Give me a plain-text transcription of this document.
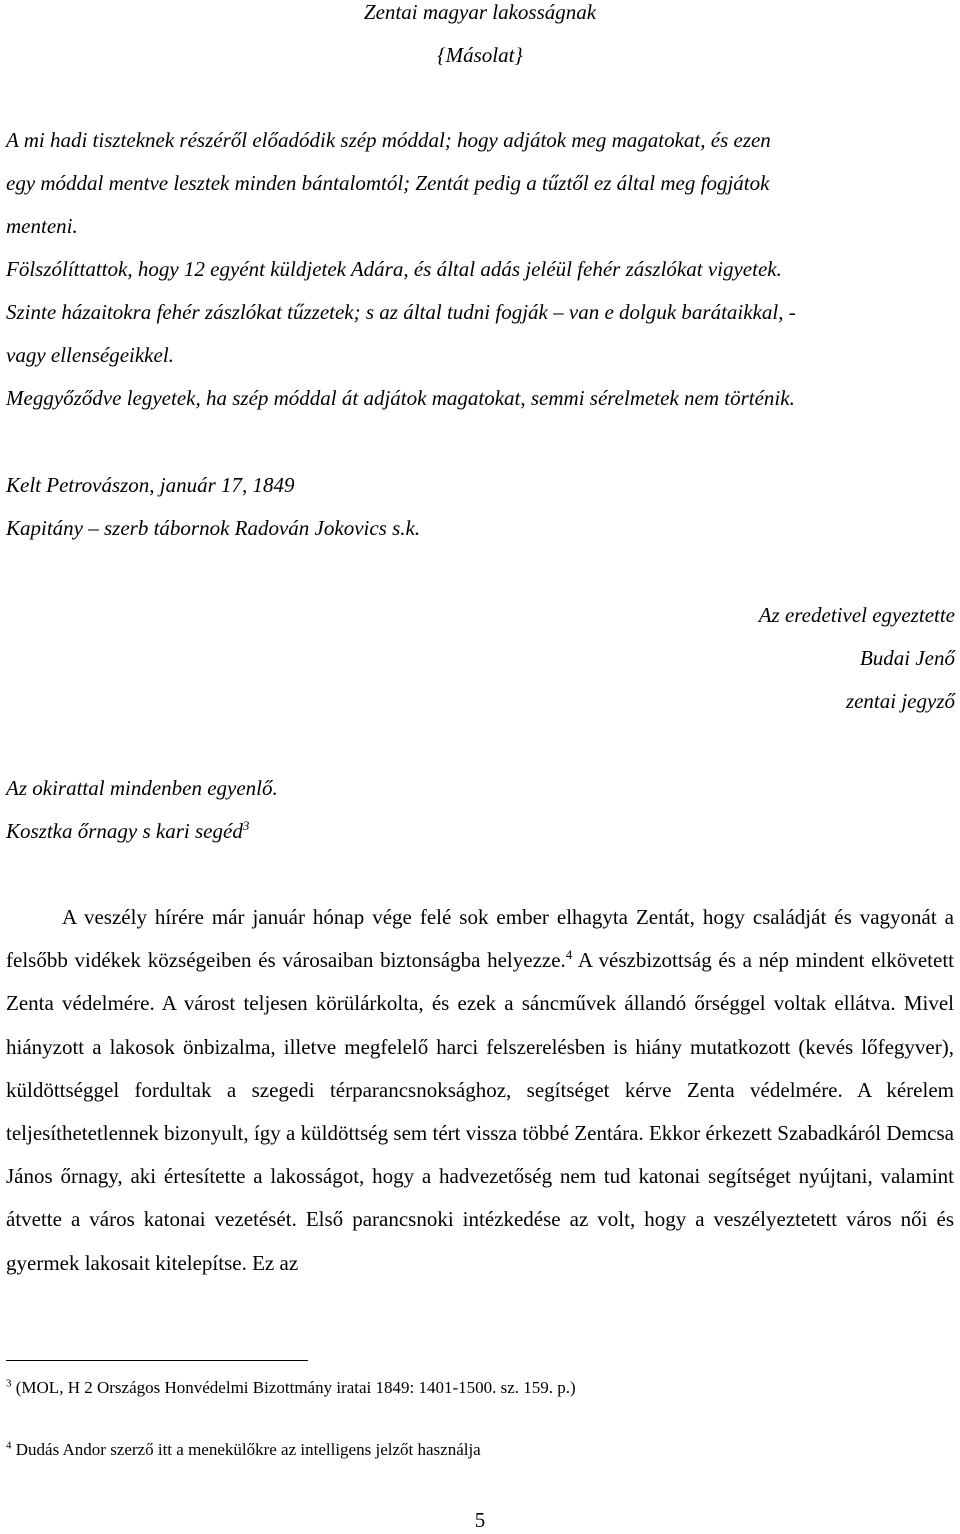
Zentai magyar lakosságnak
{Másolat}
A mi hadi tiszteknek részéről előadódik szép móddal; hogy adjátok meg magatokat, és ezen
egy móddal mentve lesztek minden bántalomtól; Zentát pedig a tűztől ez által meg fogjátok
menteni.
Fölszólíttattok, hogy 12 egyént küldjetek Adára, és által adás jeléül fehér zászlókat vigyetek.
Szinte házaitokra fehér zászlókat tűzzetek; s az által tudni fogják – van e dolguk barátaikkal, -
vagy ellenségeikkel.
Meggyőződve legyetek, ha szép móddal át adjátok magatokat, semmi sérelmetek nem történik.
Kelt Petrovászon, január 17, 1849
Kapitány – szerb tábornok Radován Jokovics s.k.
Az eredetivel egyeztette
Budai Jenő
zentai jegyző
Az okirattal mindenben egyenlő.
Kosztka őrnagy s kari segéd$^3$
A veszély hírére már január hónap vége felé sok ember elhagyta Zentát, hogy családját és vagyonát a felsőbb vidékek községeiben és városaiban biztonságba helyezze.$^4$ A vészbizottság és a nép mindent elkövetett Zenta védelmére. A várost teljesen körülárkolta, és ezek a sáncművek állandó őrséggel voltak ellátva. Mivel hiányzott a lakosok önbizalma, illetve megfelelő harci felszerelésben is hiány mutatkozott (kevés lőfegyver), küldöttséggel fordultak a szegedi térparancsnoksághoz, segítséget kérve Zenta védelmére. A kérelem teljesíthetetlennek bizonyult, így a küldöttség sem tért vissza többé Zentára. Ekkor érkezett Szabadkáról Demcsa János őrnagy, aki értesítette a lakosságot, hogy a hadvezetőség nem tud katonai segítséget nyújtani, valamint átvette a város katonai vezetését. Első parancsnoki intézkedése az volt, hogy a veszélyeztetett város női és gyermek lakosait kitelepítse. Ez az
$^3$ (MOL, H 2 Országos Honvédelmi Bizottmány iratai 1849: 1401-1500. sz. 159. p.)
$^4$ Dudás Andor szerző itt a menekülőkre az intelligens jelzőt használja
5
